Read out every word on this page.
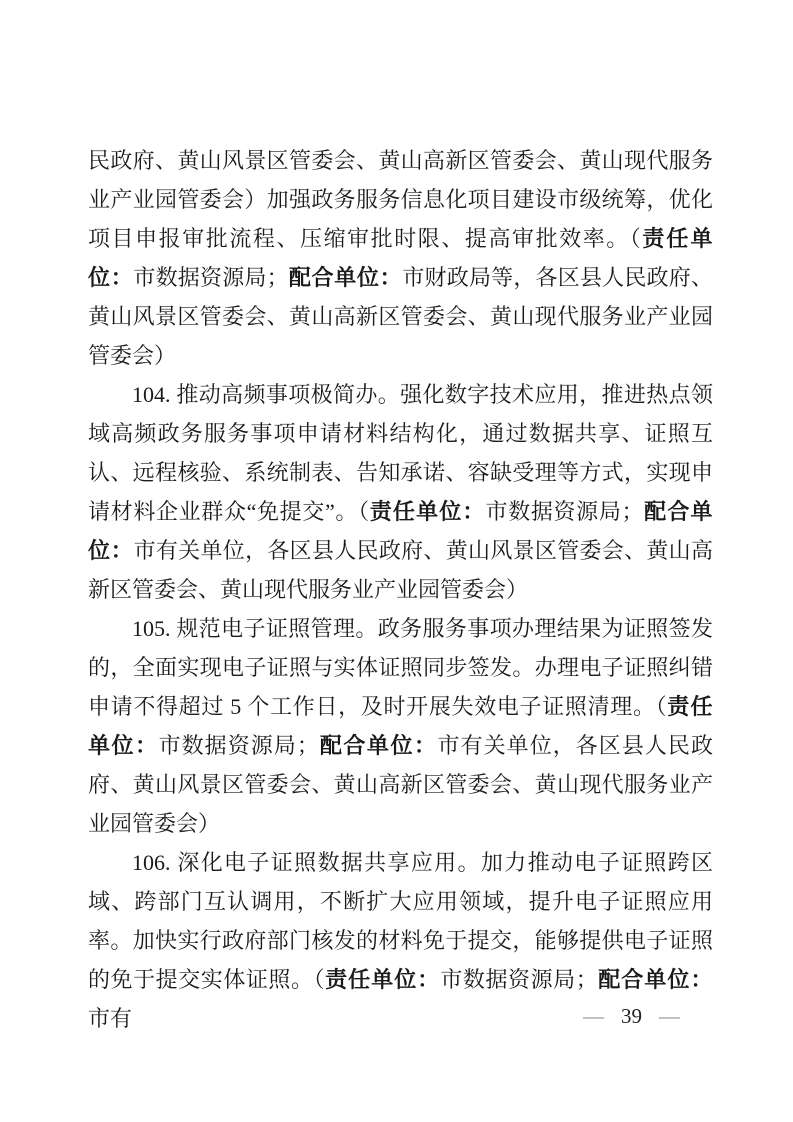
民政府、黄山风景区管委会、黄山高新区管委会、黄山现代服务业产业园管委会）加强政务服务信息化项目建设市级统筹，优化项目申报审批流程、压缩审批时限、提高审批效率。（责任单位：市数据资源局；配合单位：市财政局等，各区县人民政府、黄山风景区管委会、黄山高新区管委会、黄山现代服务业产业园管委会）

104. 推动高频事项极简办。强化数字技术应用，推进热点领域高频政务服务事项申请材料结构化，通过数据共享、证照互认、远程核验、系统制表、告知承诺、容缺受理等方式，实现申请材料企业群众“免提交”。（责任单位：市数据资源局；配合单位：市有关单位，各区县人民政府、黄山风景区管委会、黄山高新区管委会、黄山现代服务业产业园管委会）

105. 规范电子证照管理。政务服务事项办理结果为证照签发的，全面实现电子证照与实体证照同步签发。办理电子证照纠错申请不得超过 5 个工作日，及时开展失效电子证照清理。（责任单位：市数据资源局；配合单位：市有关单位，各区县人民政府、黄山风景区管委会、黄山高新区管委会、黄山现代服务业产业园管委会）

106. 深化电子证照数据共享应用。加力推动电子证照跨区域、跨部门互认调用，不断扩大应用领域，提升电子证照应用率。加快实行政府部门核发的材料免于提交，能够提供电子证照的免于提交实体证照。（责任单位：市数据资源局；配合单位：市有	— 39 —
